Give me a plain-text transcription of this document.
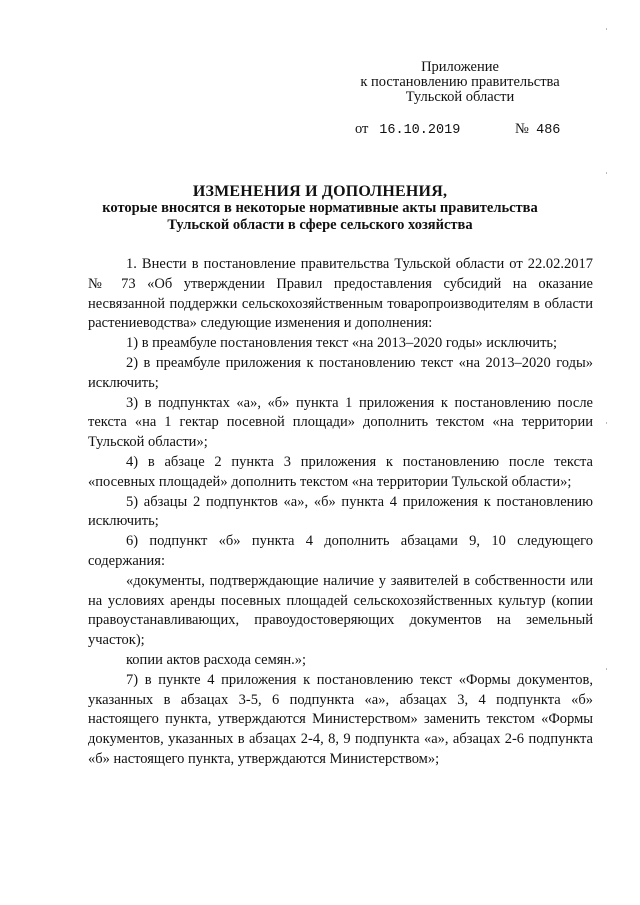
Приложение
к постановлению правительства
Тульской области
от 16.10.2019	№ 486
ИЗМЕНЕНИЯ И ДОПОЛНЕНИЯ,
которые вносятся в некоторые нормативные акты правительства
Тульской области в сфере сельского хозяйства

1. Внести в постановление правительства Тульской области от 22.02.2017 № 73 «Об утверждении Правил предоставления субсидий на оказание несвязанной поддержки сельскохозяйственным товаропроизводителям в области растениеводства» следующие изменения и дополнения:

1) в преамбуле постановления текст «на 2013–2020 годы» исключить;

2) в преамбуле приложения к постановлению текст «на 2013–2020 годы» исключить;

3) в подпунктах «а», «б» пункта 1 приложения к постановлению после текста «на 1 гектар посевной площади» дополнить текстом «на территории Тульской области»;

4) в абзаце 2 пункта 3 приложения к постановлению после текста «посевных площадей» дополнить текстом «на территории Тульской области»;

5) абзацы 2 подпунктов «а», «б» пункта 4 приложения к постановлению исключить;

6) подпункт «б» пункта 4 дополнить абзацами 9, 10 следующего содержания:

«документы, подтверждающие наличие у заявителей в собственности или на условиях аренды посевных площадей сельскохозяйственных культур (копии правоустанавливающих, правоудостоверяющих документов на земельный участок);

копии актов расхода семян.»;

7) в пункте 4 приложения к постановлению текст «Формы документов, указанных в абзацах 3-5, 6 подпункта «а», абзацах 3, 4 подпункта «б» настоящего пункта, утверждаются Министерством» заменить текстом «Формы документов, указанных в абзацах 2-4, 8, 9 подпункта «а», абзацах 2-6 подпункта «б» настоящего пункта, утверждаются Министерством»;
